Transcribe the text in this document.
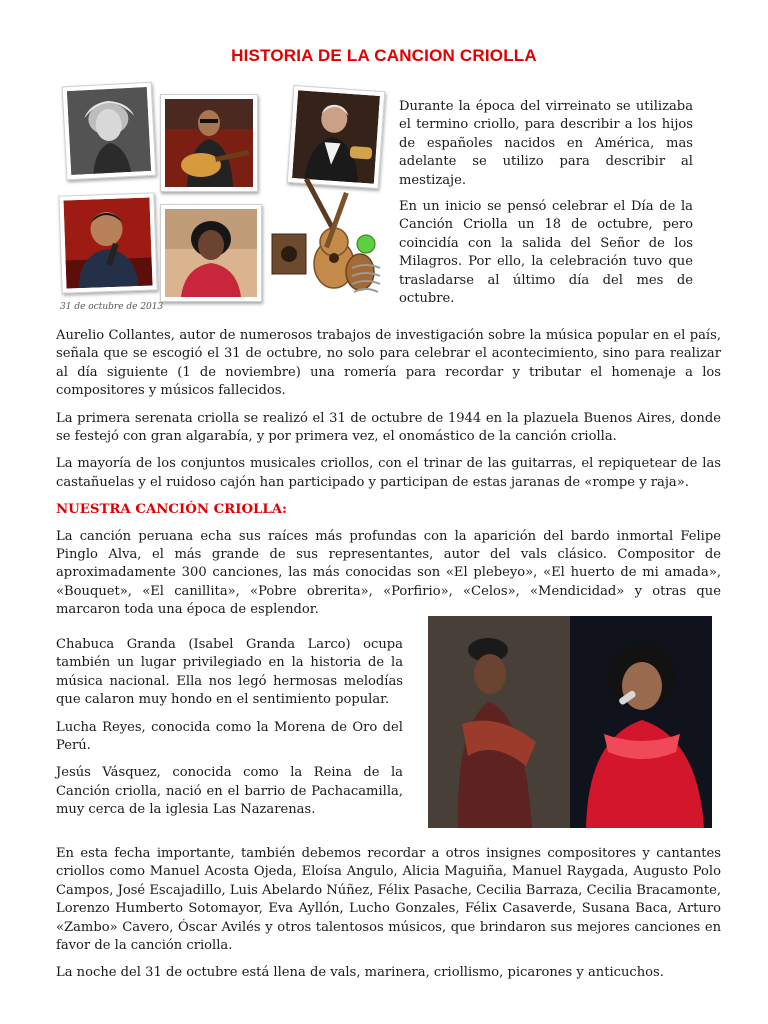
HISTORIA DE LA CANCION CRIOLLA
31 de octubre de 2013

Durante la época del virreinato se utilizaba el termino criollo, para describir a los hijos de españoles nacidos en América, mas adelante se utilizo para describir al mestizaje.

En un inicio se pensó celebrar el Día de la Canción Criolla un 18 de octubre, pero coincidía con la salida del Señor de los Milagros. Por ello, la celebración tuvo que trasladarse al último día del mes de octubre.

Aurelio Collantes, autor de numerosos trabajos de investigación sobre la música popular en el país, señala que se escogió el 31 de octubre, no solo para celebrar el acontecimiento, sino para realizar al día siguiente (1 de noviembre) una romería para recordar y tributar el homenaje a los compositores y músicos fallecidos.

La primera serenata criolla se realizó el 31 de octubre de 1944 en la plazuela Buenos Aires, donde se festejó con gran algarabía, y por primera vez, el onomástico de la canción criolla.

La mayoría de los conjuntos musicales criollos, con el trinar de las guitarras, el repiquetear de las castañuelas y el ruidoso cajón han participado y participan de estas jaranas de «rompe y raja».

NUESTRA CANCIÓN CRIOLLA:

La canción peruana echa sus raíces más profundas con la aparición del bardo inmortal Felipe Pinglo Alva, el más grande de sus representantes, autor del vals clásico. Compositor de aproximadamente 300 canciones, las más conocidas son «El plebeyo», «El huerto de mi amada», «Bouquet», «El canillita», «Pobre obrerita», «Porfirio», «Celos», «Mendicidad» y otras que marcaron toda una época de esplendor.

Chabuca Granda (Isabel Granda Larco) ocupa también un lugar privilegiado en la historia de la música nacional. Ella nos legó hermosas melodías que calaron muy hondo en el sentimiento popular.

Lucha Reyes, conocida como la Morena de Oro del Perú.

Jesús Vásquez, conocida como la Reina de la Canción criolla, nació en el barrio de Pachacamilla, muy cerca de la iglesia Las Nazarenas.

En esta fecha importante, también debemos recordar a otros insignes compositores y cantantes criollos como Manuel Acosta Ojeda, Eloísa Angulo, Alicia Maguiña, Manuel Raygada, Augusto Polo Campos, José Escajadillo, Luis Abelardo Núñez, Félix Pasache, Cecilia Barraza, Cecilia Bracamonte, Lorenzo Humberto Sotomayor, Eva Ayllón, Lucho Gonzales, Félix Casaverde, Susana Baca, Arturo «Zambo» Cavero, Óscar Avilés y otros talentosos músicos, que brindaron sus mejores canciones en favor de la canción criolla.

La noche del 31 de octubre está llena de vals, marinera, criollismo, picarones y anticuchos.
